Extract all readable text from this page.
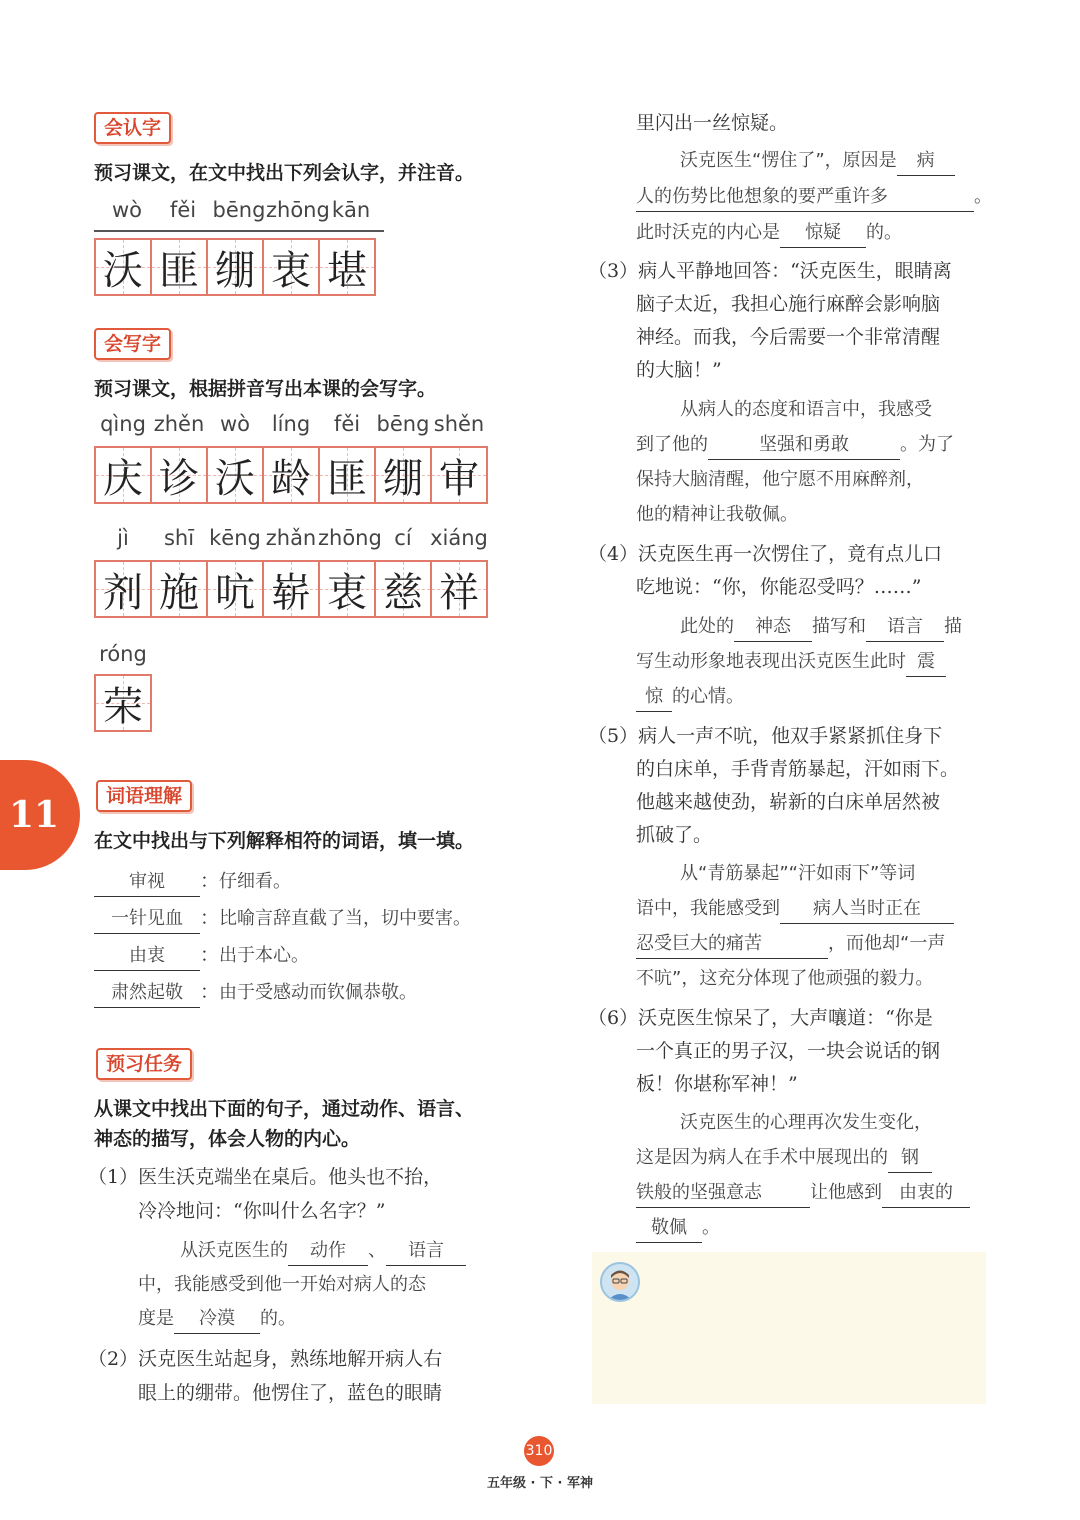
会认字
预习课文，在文中找出下列会认字，并注音。
wò	fěi bēng zhōng kān
沃 匪 绷 衷 堪
会写字
预习课文，根据拼音写出本课的会写字。
qìng zhěn wò	líng	fěi bēng shěn
庆 诊 沃 龄 匪 绷 审
jì	shī kēng zhǎn zhōng cí xiáng
剂 施 吭 崭 衷 慈 祥
róng
荣
11	词语理解
在文中找出与下列解释相符的词语，填一填。
审视 ：仔细看。
一针见血 ：比喻言辞直截了当，切中要害。
由衷 ：出于本心。
肃然起敬 ：由于受感动而钦佩恭敬。
预习任务
从课文中找出下面的句子，通过动作、语言、
神态的描写，体会人物的内心。
（1）医生沃克端坐在桌后。他头也不抬，
冷冷地问：“你叫什么名字？”
从沃克医生的 动作 、 语言
中，我能感受到他一开始对病人的态
度是 冷漠 的。
（2）沃克医生站起身，熟练地解开病人右
眼上的绷带。他愣住了，蓝色的眼睛
里闪出一丝惊疑。
沃克医生“愣住了”，原因是 病
人的伤势比他想象的要严重许多	。
此时沃克的内心是 惊疑 的。
（3）病人平静地回答：“沃克医生，眼睛离
脑子太近，我担心施行麻醉会影响脑
神经。而我，今后需要一个非常清醒
的大脑！”
从病人的态度和语言中，我感受
到了他的	坚强和勇敢	。为了
保持大脑清醒，他宁愿不用麻醉剂，
他的精神让我敬佩。
（4）沃克医生再一次愣住了，竟有点儿口
吃地说：“你，你能忍受吗？……”
此处的 神态 描写和 语言 描
写生动形象地表现出沃克医生此时 震
惊 的心情。
（5）病人一声不吭，他双手紧紧抓住身下
的白床单，手背青筋暴起，汗如雨下。
他越来越使劲，崭新的白床单居然被
抓破了。
从“青筋暴起”“汗如雨下”等词
语中，我能感受到 病人当时正在
忍受巨大的痛苦	，而他却“一声
不吭”，这充分体现了他顽强的毅力。
（6）沃克医生惊呆了，大声嚷道：“你是
一个真正的男子汉，一块会说话的钢
板！你堪称军神！”
沃克医生的心理再次发生变化，
这是因为病人在手术中展现出的 钢
铁般的坚强意志	让他感到 由衷的
敬佩 。
310
五年级 · 下 · 军神
